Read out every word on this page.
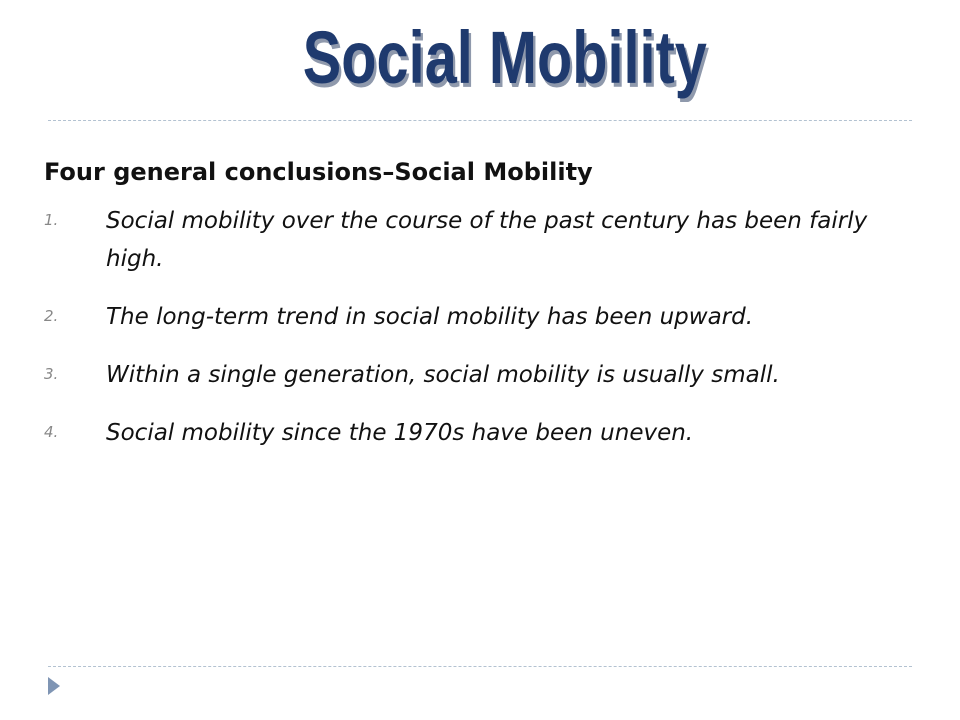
Social Mobility
Four general conclusions–Social Mobility
1. Social mobility over the course of the past century has been fairly high.
2. The long-term trend in social mobility has been upward.
3. Within a single generation, social mobility is usually small.
4. Social mobility since the 1970s have been uneven.
